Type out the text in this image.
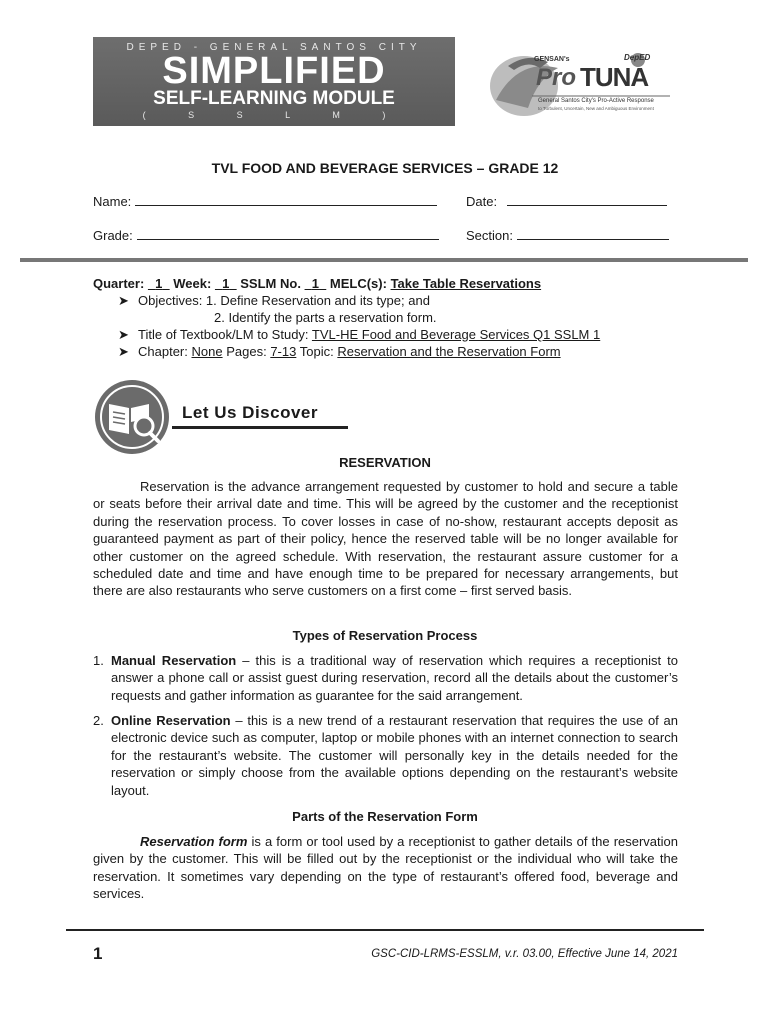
DEPED - GENERAL SANTOS CITY
SIMPLIFIED
SELF-LEARNING MODULE
( S S L M )
GENSAN's	DepED
Pro TUNA
General Santos City's Pro-Active Response
to Turbulent, Uncertain, New and Ambiguous Environment
TVL FOOD AND BEVERAGE SERVICES – GRADE 12
Name:	Date:
Grade:	Section:
Quarter: 1 Week: 1 SSLM No. 1 MELC(s): Take Table Reservations
➤ Objectives: 1. Define Reservation and its type; and
2. Identify the parts a reservation form.
➤ Title of Textbook/LM to Study: TVL-HE Food and Beverage Services Q1 SSLM 1
➤ Chapter: None Pages: 7-13 Topic: Reservation and the Reservation Form
Let Us Discover
RESERVATION
Reservation is the advance arrangement requested by customer to hold and secure a table or seats before their arrival date and time. This will be agreed by the customer and the receptionist during the reservation process. To cover losses in case of no-show, restaurant accepts deposit as guaranteed payment as part of their policy, hence the reserved table will be no longer available for other customer on the agreed schedule. With reservation, the restaurant assure customer for a scheduled date and time and have enough time to be prepared for necessary arrangements, but there are also restaurants who serve customers on a first come – first served basis.
Types of Reservation Process
1. Manual Reservation – this is a traditional way of reservation which requires a receptionist to answer a phone call or assist guest during reservation, record all the details about the customer’s requests and gather information as guarantee for the said arrangement.
2. Online Reservation – this is a new trend of a restaurant reservation that requires the use of an electronic device such as computer, laptop or mobile phones with an internet connection to search for the restaurant’s website. The customer will personally key in the details needed for the reservation or simply choose from the available options depending on the restaurant’s website layout.
Parts of the Reservation Form
Reservation form is a form or tool used by a receptionist to gather details of the reservation given by the customer. This will be filled out by the receptionist or the individual who will take the reservation. It sometimes vary depending on the type of restaurant’s offered food, beverage and services.
1	GSC-CID-LRMS-ESSLM, v.r. 03.00, Effective June 14, 2021
